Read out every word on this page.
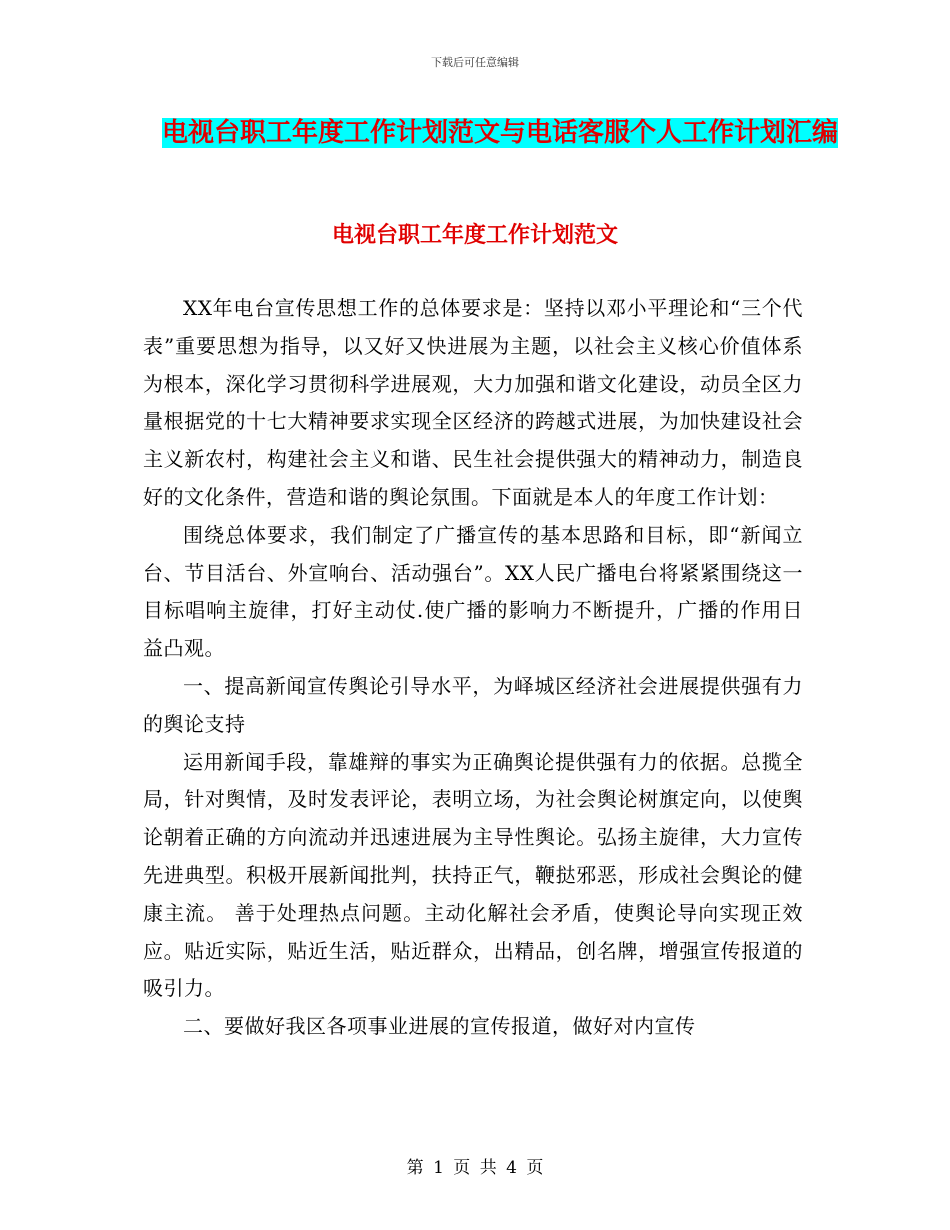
下载后可任意编辑
电视台职工年度工作计划范文与电话客服个人工作计划汇编
电视台职工年度工作计划范文

XX年电台宣传思想工作的总体要求是：坚持以邓小平理论和“三个代表”重要思想为指导，以又好又快进展为主题，以社会主义核心价值体系为根本，深化学习贯彻科学进展观，大力加强和谐文化建设，动员全区力量根据党的十七大精神要求实现全区经济的跨越式进展，为加快建设社会主义新农村，构建社会主义和谐、民生社会提供强大的精神动力，制造良好的文化条件，营造和谐的舆论氛围。下面就是本人的年度工作计划：

围绕总体要求，我们制定了广播宣传的基本思路和目标，即“新闻立台、节目活台、外宣响台、活动强台”。XX人民广播电台将紧紧围绕这一目标唱响主旋律，打好主动仗.使广播的影响力不断提升，广播的作用日益凸观。

一、提高新闻宣传舆论引导水平，为峄城区经济社会进展提供强有力的舆论支持

运用新闻手段，靠雄辩的事实为正确舆论提供强有力的依据。总揽全局，针对舆情，及时发表评论，表明立场，为社会舆论树旗定向，以使舆论朝着正确的方向流动并迅速进展为主导性舆论。弘扬主旋律，大力宣传先进典型。积极开展新闻批判，扶持正气，鞭挞邪恶，形成社会舆论的健康主流。 善于处理热点问题。主动化解社会矛盾，使舆论导向实现正效应。贴近实际，贴近生活，贴近群众，出精品，创名牌，增强宣传报道的吸引力。

二、要做好我区各项事业进展的宣传报道，做好对内宣传

第 1 页 共 4 页
